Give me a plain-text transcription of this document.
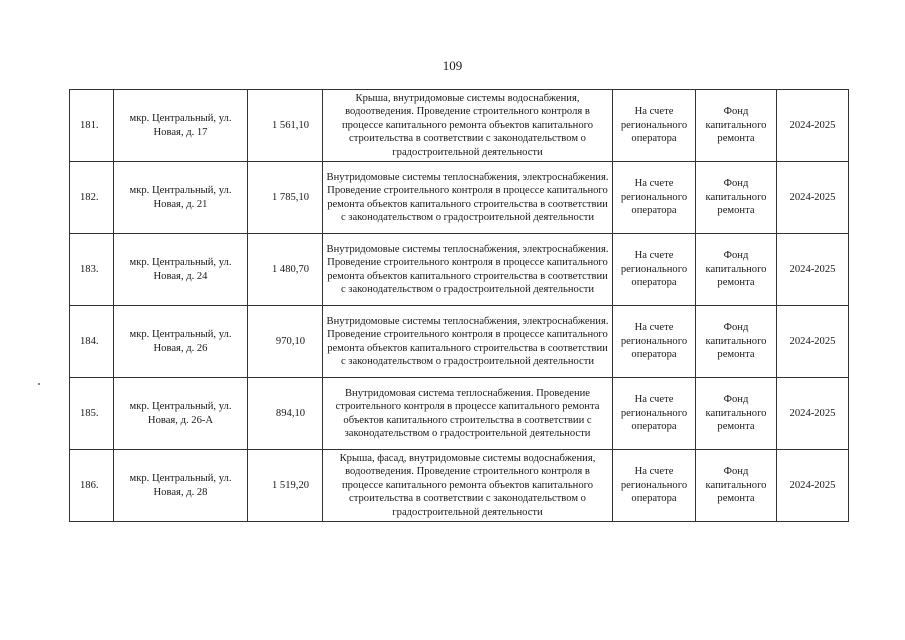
109
181.	мкр. Центральный, ул. Новая, д. 17	1 561,10	Крыша, внутридомовые системы водоснабжения, водоотведения. Проведение строительного контроля в процессе капитального ремонта объектов капитального строительства в соответствии с законодательством о градостроительной деятельности	На счете регионального оператора	Фонд капитального ремонта	2024-2025
182.	мкр. Центральный, ул. Новая, д. 21	1 785,10	Внутридомовые системы теплоснабжения, электроснабжения. Проведение строительного контроля в процессе капитального ремонта объектов капитального строительства в соответствии с законодательством о градостроительной деятельности	На счете регионального оператора	Фонд капитального ремонта	2024-2025
183.	мкр. Центральный, ул. Новая, д. 24	1 480,70	Внутридомовые системы теплоснабжения, электроснабжения. Проведение строительного контроля в процессе капитального ремонта объектов капитального строительства в соответствии с законодательством о градостроительной деятельности	На счете регионального оператора	Фонд капитального ремонта	2024-2025
184.	мкр. Центральный, ул. Новая, д. 26	970,10	Внутридомовые системы теплоснабжения, электроснабжения. Проведение строительного контроля в процессе капитального ремонта объектов капитального строительства в соответствии с законодательством о градостроительной деятельности	На счете регионального оператора	Фонд капитального ремонта	2024-2025
185.	мкр. Центральный, ул. Новая, д. 26-А	894,10	Внутридомовая система теплоснабжения. Проведение строительного контроля в процессе капитального ремонта объектов капитального строительства в соответствии с законодательством о градостроительной деятельности	На счете регионального оператора	Фонд капитального ремонта	2024-2025
186.	мкр. Центральный, ул. Новая, д. 28	1 519,20	Крыша, фасад, внутридомовые системы водоснабжения, водоотведения. Проведение строительного контроля в процессе капитального ремонта объектов капитального строительства в соответствии с законодательством о градостроительной деятельности	На счете регионального оператора	Фонд капитального ремонта	2024-2025
